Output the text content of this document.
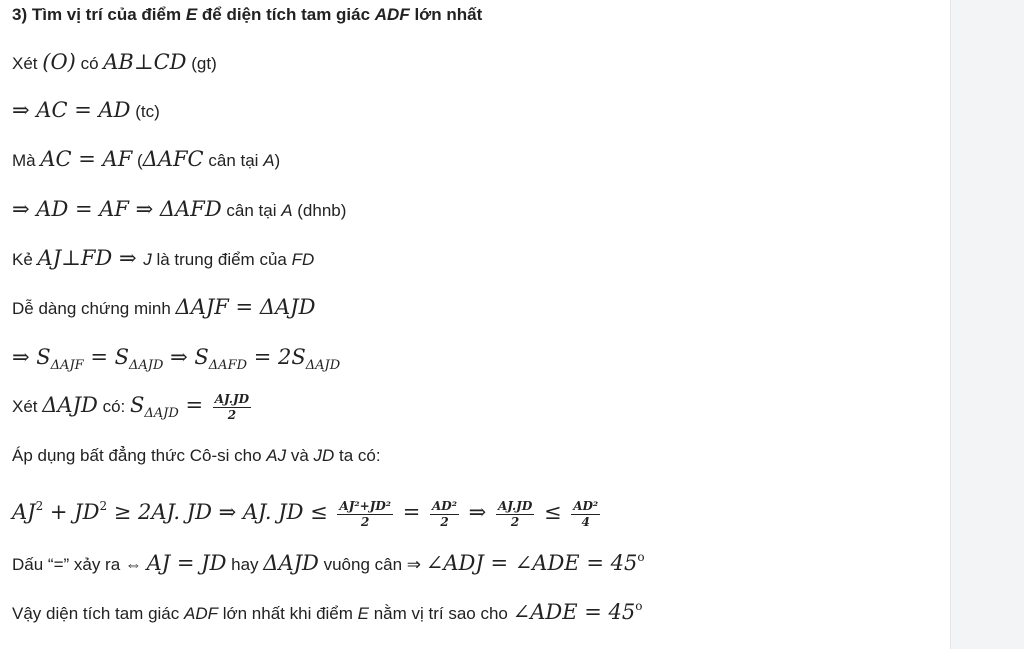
3) Tìm vị trí của điểm E để diện tích tam giác ADF lớn nhất
Xét (O) có AB⊥CD (gt)
⇒ AC = AD (tc)
Mà AC = AF (ΔAFC cân tại A)
⇒ AD = AF ⇒ ΔAFD cân tại A (dhnb)
Kẻ AJ⊥FD ⇒ J là trung điểm của FD
Dễ dàng chứng minh ΔAJF = ΔAJD
⇒ $S_{\Delta AJF} = S_{\Delta AJD}$ ⇒ $S_{\Delta AFD} = 2S_{\Delta AJD}$
Xét ΔAJD có: $S_{\Delta AJD} = \frac{AJ.JD}{2}$
Áp dụng bất đẳng thức Cô-si cho AJ và JD ta có:
$AJ^2 + JD^2 \ge 2AJ$. JD ⇒ AJ. JD ≤ $\frac{\text{AJ²+JD²}}{2} = \frac{\text{AD²}}{2}$ ⇒ $\frac{AJ.JD}{2} \le \frac{\text{AD²}}{4}$
Dấu “=” xảy ra ⇔ AJ = JD hay ΔAJD vuông cân ⇒ ∠ADJ = ∠ADE = $45^o$
Vậy diện tích tam giác ADF lớn nhất khi điểm E nằm vị trí sao cho ∠ADE = $45^o$
